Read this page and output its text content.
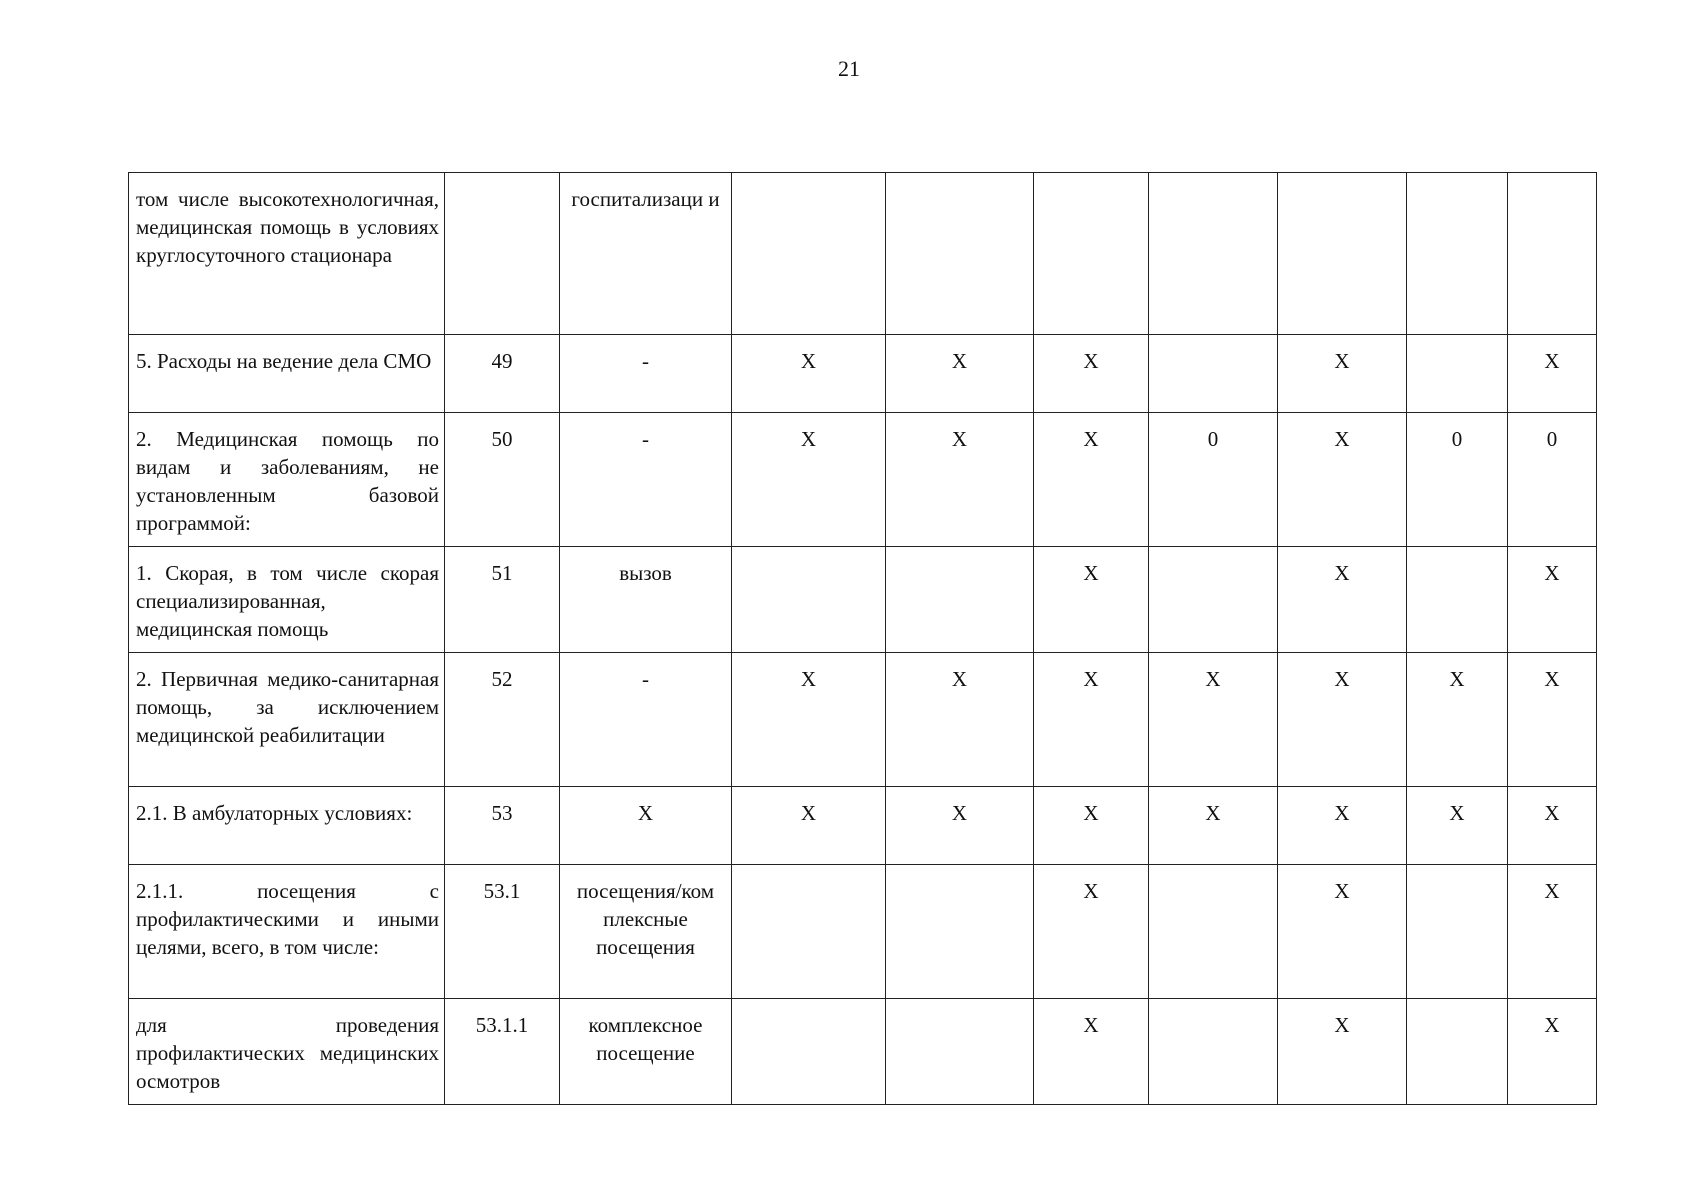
21
том числе высокотехнологичная, медицинская помощь в условиях круглосуточного стационара		госпитализаци и							
5. Расходы на ведение дела СМО	49	-	X	X	X		X		X
2. Медицинская помощь по видам и заболеваниям, не установленным базовой программой:	50	-	X	X	X	0	X	0	0
1. Скорая, в том числе скорая специализированная, медицинская помощь	51	вызов			X		X		X
2. Первичная медико-санитарная помощь, за исключением медицинской реабилитации	52	-	X	X	X	X	X	X	X
2.1. В амбулаторных условиях:	53	X	X	X	X	X	X	X	X
2.1.1. посещения с профилактическими и иными целями, всего, в том числе:	53.1	посещения/ком плексные посещения			X		X		X
для проведения профилактических медицинских осмотров	53.1.1	комплексное посещение			X		X		X
